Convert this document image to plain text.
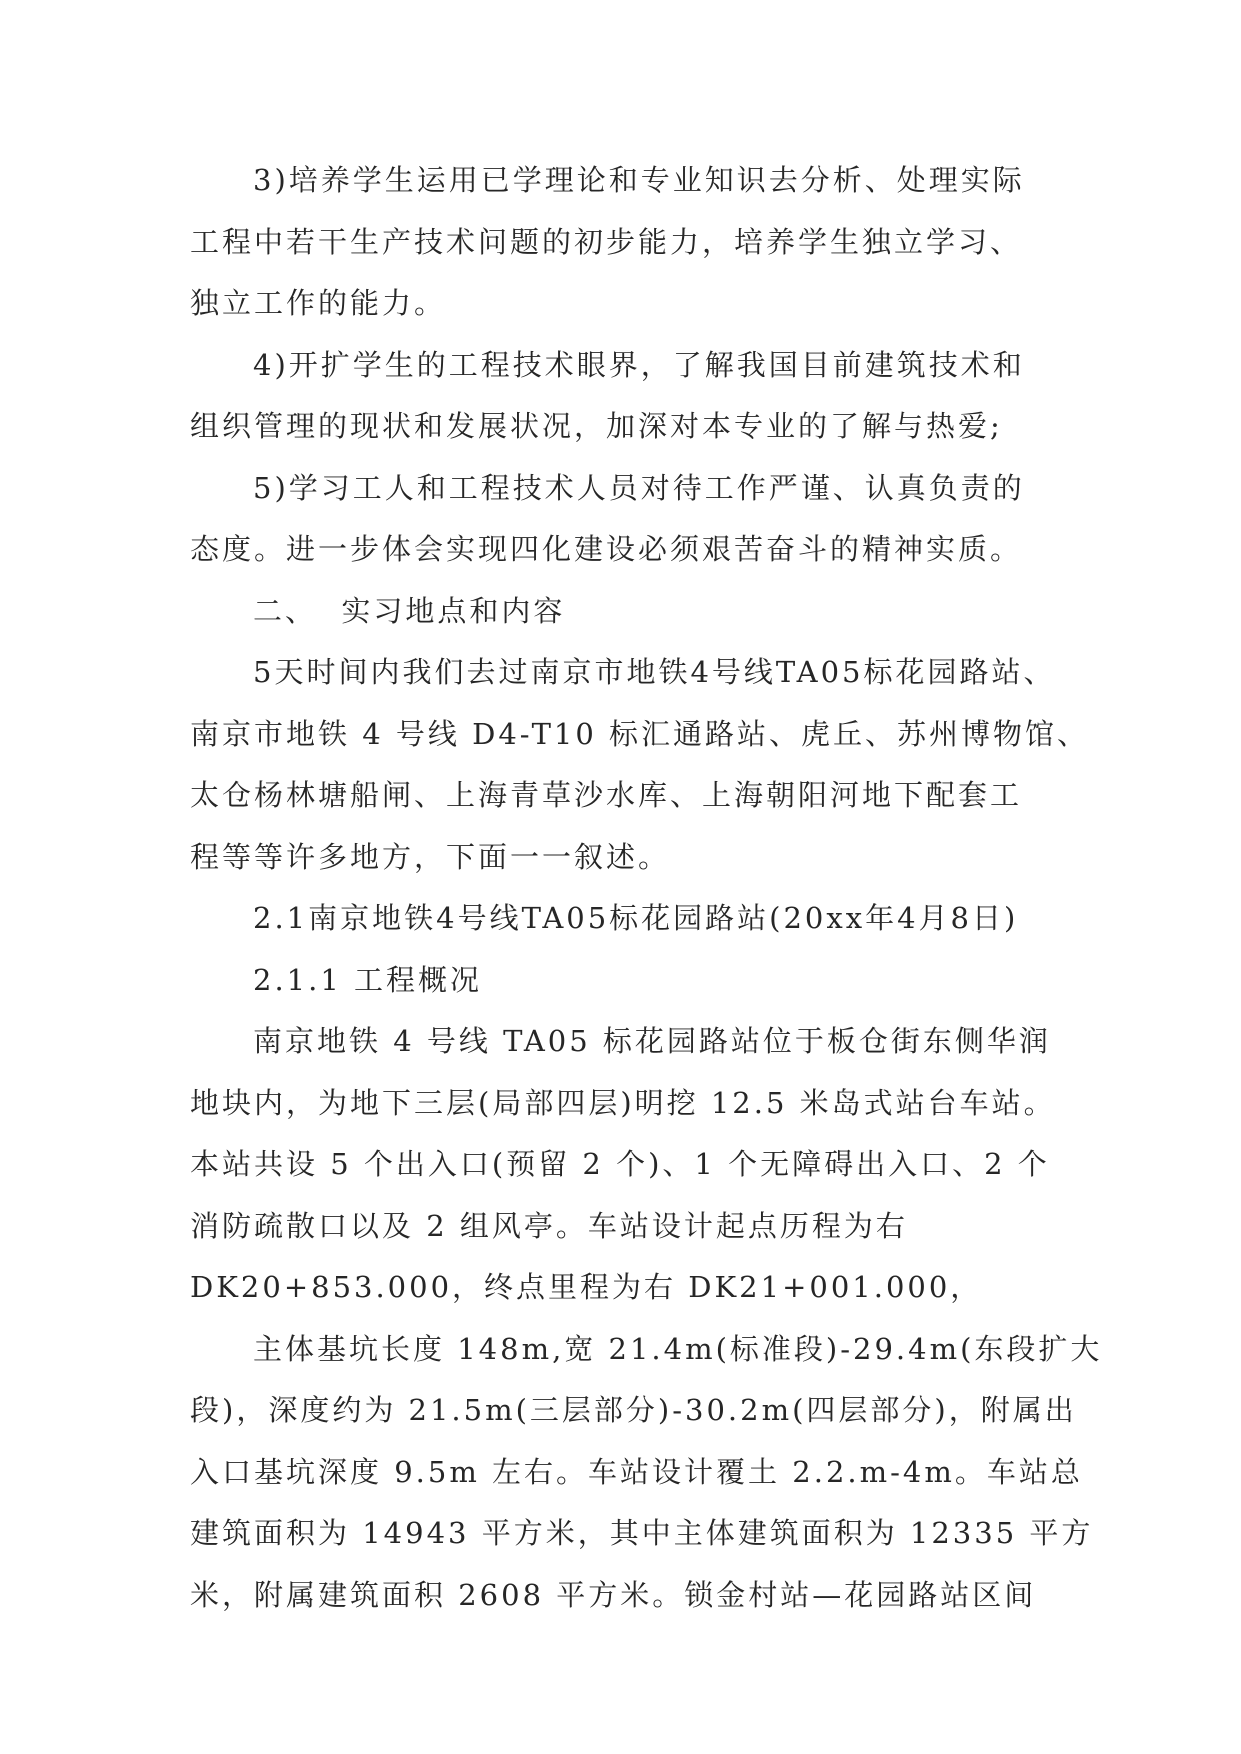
3)培养学生运用已学理论和专业知识去分析、处理实际
工程中若干生产技术问题的初步能力，培养学生独立学习、
独立工作的能力。
4)开扩学生的工程技术眼界，了解我国目前建筑技术和
组织管理的现状和发展状况，加深对本专业的了解与热爱;
5)学习工人和工程技术人员对待工作严谨、认真负责的
态度。进一步体会实现四化建设必须艰苦奋斗的精神实质。
二、  实习地点和内容
5天时间内我们去过南京市地铁4号线TA05标花园路站、
南京市地铁 4 号线 D4-T10 标汇通路站、虎丘、苏州博物馆、
太仓杨林塘船闸、上海青草沙水库、上海朝阳河地下配套工
程等等许多地方，下面一一叙述。
2.1南京地铁4号线TA05标花园路站(20xx年4月8日)
2.1.1 工程概况
南京地铁 4 号线 TA05 标花园路站位于板仓街东侧华润
地块内，为地下三层(局部四层)明挖 12.5 米岛式站台车站。
本站共设 5 个出入口(预留 2 个)、1 个无障碍出入口、2 个
消防疏散口以及 2 组风亭。车站设计起点历程为右
DK20+853.000，终点里程为右 DK21+001.000，
主体基坑长度 148m,宽 21.4m(标准段)-29.4m(东段扩大
段)，深度约为 21.5m(三层部分)-30.2m(四层部分)，附属出
入口基坑深度 9.5m 左右。车站设计覆土 2.2.m-4m。车站总
建筑面积为 14943 平方米，其中主体建筑面积为 12335 平方
米，附属建筑面积 2608 平方米。锁金村站—花园路站区间
